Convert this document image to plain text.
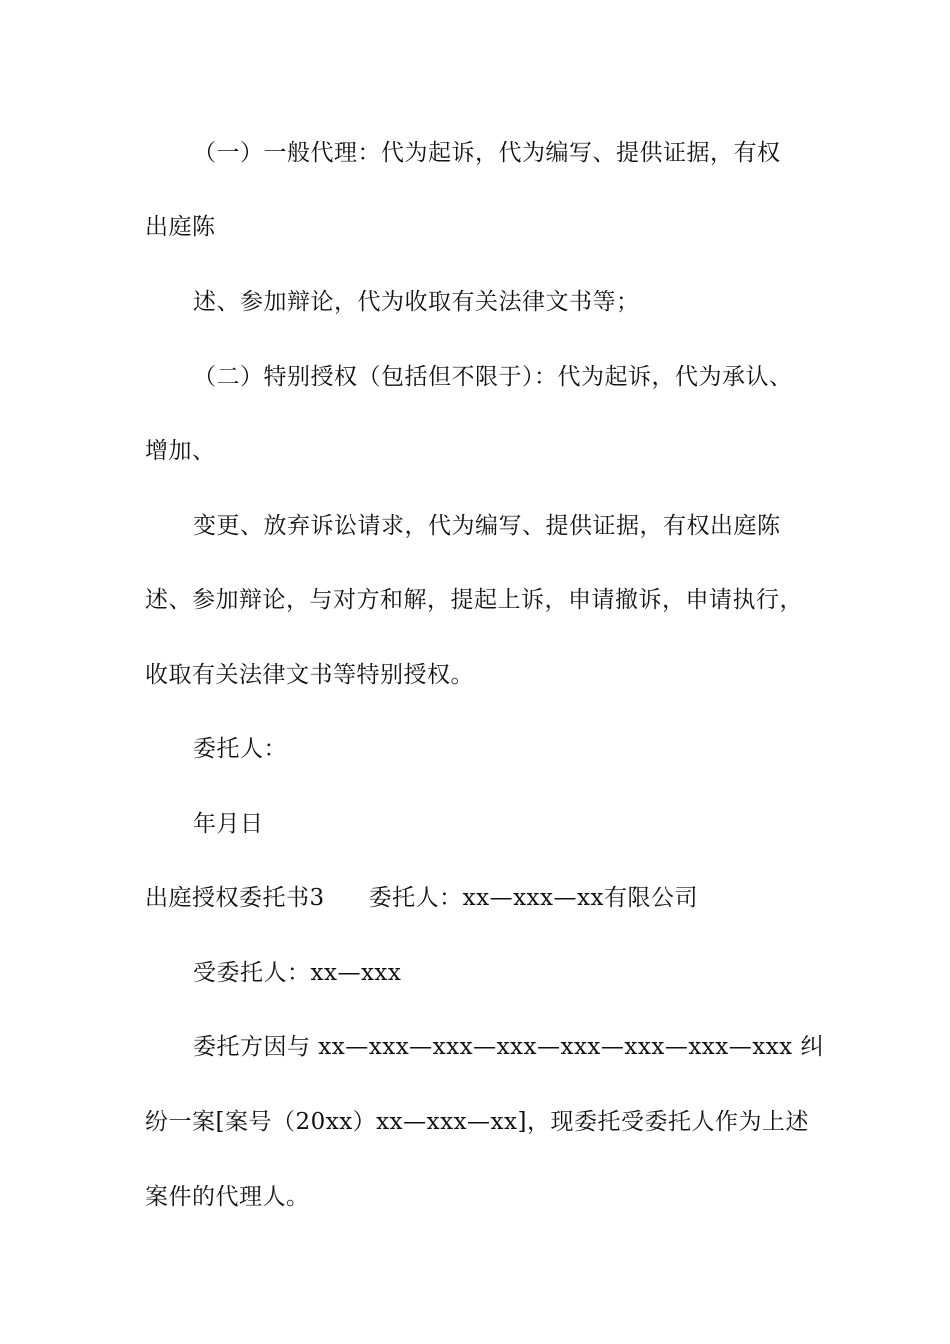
（一）一般代理：代为起诉，代为编写、提供证据，有权
出庭陈
述、参加辩论，代为收取有关法律文书等；
（二）特别授权（包括但不限于）：代为起诉，代为承认、
增加、
变更、放弃诉讼请求，代为编写、提供证据，有权出庭陈
述、参加辩论，与对方和解，提起上诉，申请撤诉，申请执行，
收取有关法律文书等特别授权。
委托人：
年月日
出庭授权委托书3 委托人：xx—xxx—xx有限公司
受委托人：xx—xxx
委托方因与 xx—xxx—xxx—xxx—xxx—xxx—xxx—xxx 纠
纷一案[案号（20xx）xx—xxx—xx]，现委托受委托人作为上述
案件的代理人。
